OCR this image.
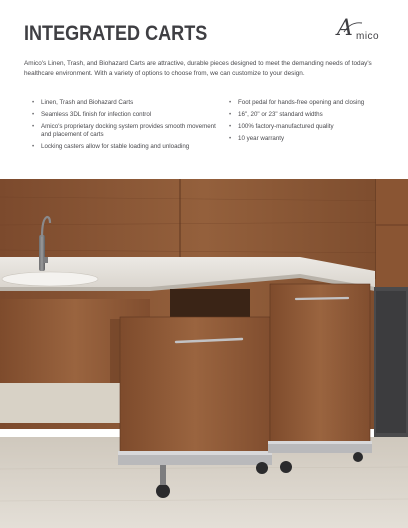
INTEGRATED CARTS	A mico

Amico's Linen, Trash, and Biohazard Carts are attractive, durable pieces designed to meet the demanding needs of today's healthcare environment. With a variety of options to choose from, we can customize to your design.

• Linen, Trash and Biohazard Carts
• Seamless 3DL finish for infection control
• Amico's proprietary docking system provides smooth movement and placement of carts
• Locking casters allow for stable loading and unloading
• Foot pedal for hands-free opening and closing
• 16", 20" or 23" standard widths
• 100% factory-manufactured quality
• 10 year warranty
